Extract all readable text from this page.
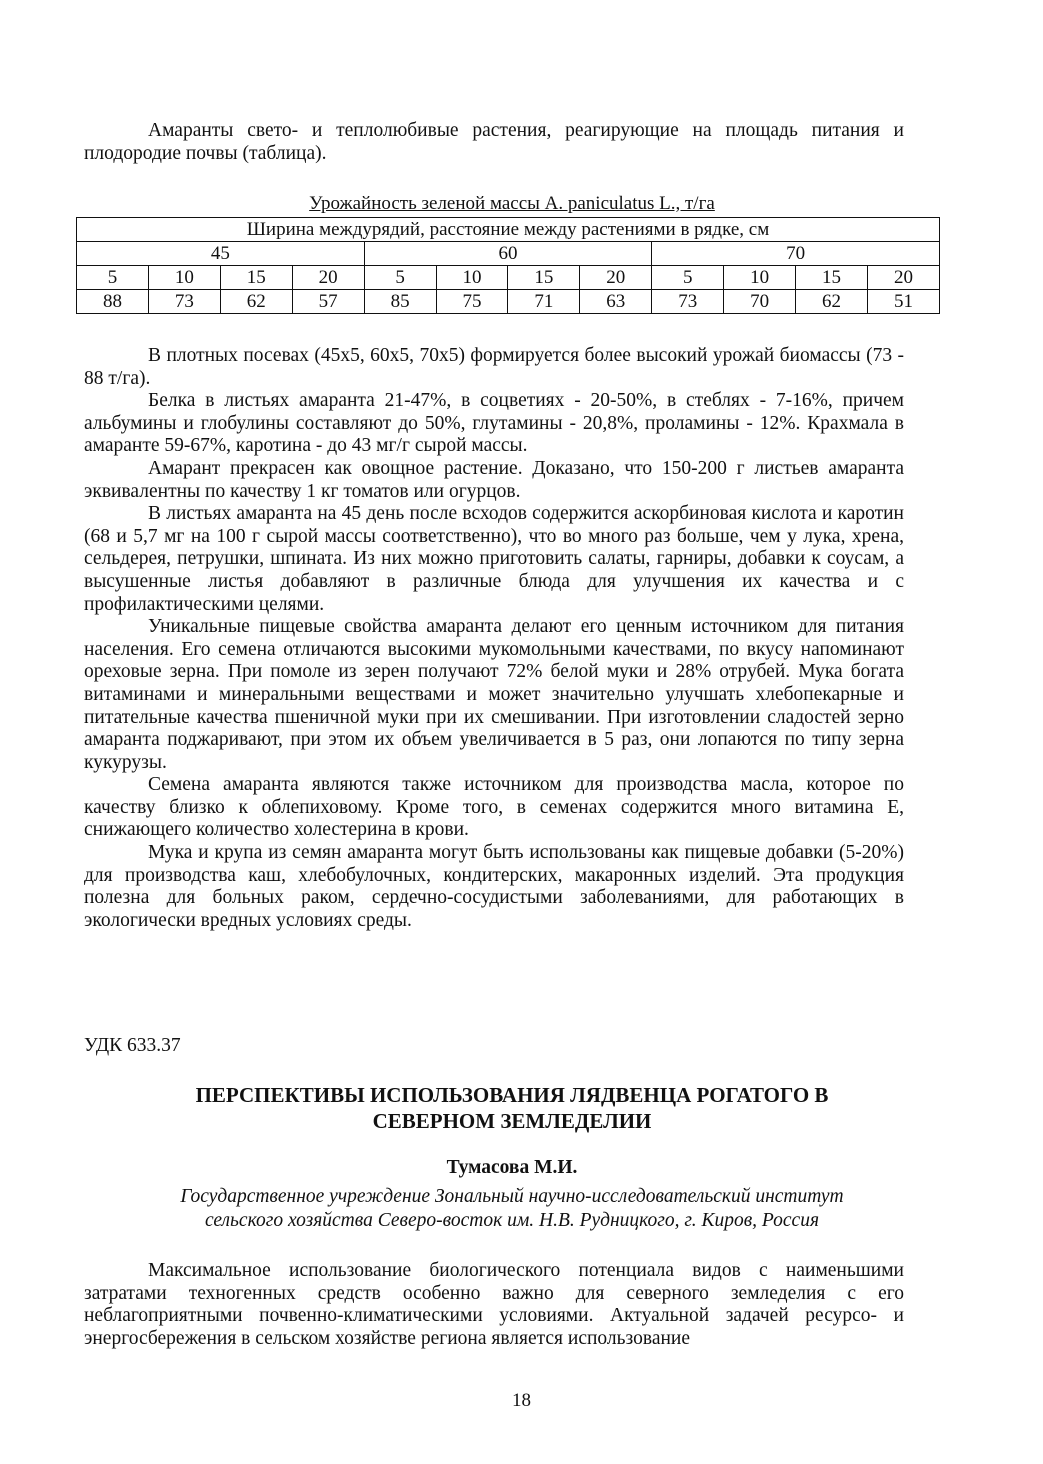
Амаранты свето- и теплолюбивые растения, реагирующие на площадь питания и плодородие почвы (таблица).

Урожайность зеленой массы A. paniculatus L., т/га
Ширина междурядий, расстояние между растениями в рядке, см											
45				60				70			
5	10	15	20	5	10	15	20	5	10	15	20
88	73	62	57	85	75	71	63	73	70	62	51

В плотных посевах (45х5, 60х5, 70х5) формируется более высокий урожай биомассы (73 - 88 т/га).

Белка в листьях амаранта 21-47%, в соцветиях - 20-50%, в стеблях - 7-16%, причем альбумины и глобулины составляют до 50%, глутамины - 20,8%, проламины - 12%. Крахмала в амаранте 59-67%, каротина - до 43 мг/г сырой массы.

Амарант прекрасен как овощное растение. Доказано, что 150-200 г листьев амаранта эквивалентны по качеству 1 кг томатов или огурцов.

В листьях амаранта на 45 день после всходов содержится аскорбиновая кислота и каротин (68 и 5,7 мг на 100 г сырой массы соответственно), что во много раз больше, чем у лука, хрена, сельдерея, петрушки, шпината. Из них можно приготовить салаты, гарниры, добавки к соусам, а высушенные листья добавляют в различные блюда для улучшения их качества и с профилактическими целями.

Уникальные пищевые свойства амаранта делают его ценным источником для питания населения. Его семена отличаются высокими мукомольными качествами, по вкусу напоминают ореховые зерна. При помоле из зерен получают 72% белой муки и 28% отрубей. Мука богата витаминами и минеральными веществами и может значительно улучшать хлебопекарные и питательные качества пшеничной муки при их смешивании. При изготовлении сладостей зерно амаранта поджаривают, при этом их объем увеличивается в 5 раз, они лопаются по типу зерна кукурузы.

Семена амаранта являются также источником для производства масла, которое по качеству близко к облепиховому. Кроме того, в семенах содержится много витамина Е, снижающего количество холестерина в крови.

Мука и крупа из семян амаранта могут быть использованы как пищевые добавки (5-20%) для производства каш, хлебобулочных, кондитерских, макаронных изделий. Эта продукция полезна для больных раком, сердечно-сосудистыми заболеваниями, для работающих в экологически вредных условиях среды.

УДК 633.37
ПЕРСПЕКТИВЫ ИСПОЛЬЗОВАНИЯ ЛЯДВЕНЦА РОГАТОГО В
СЕВЕРНОМ ЗЕМЛЕДЕЛИИ
Тумасова М.И.
Государственное учреждение Зональный научно-исследовательский институт
сельского хозяйства Северо-восток им. Н.В. Рудницкого, г. Киров, Россия

Максимальное использование биологического потенциала видов с наименьшими затратами техногенных средств особенно важно для северного земледелия с его неблагоприятными почвенно-климатическими условиями. Актуальной задачей ресурсо- и энергосбережения в сельском хозяйстве региона является использование

18
